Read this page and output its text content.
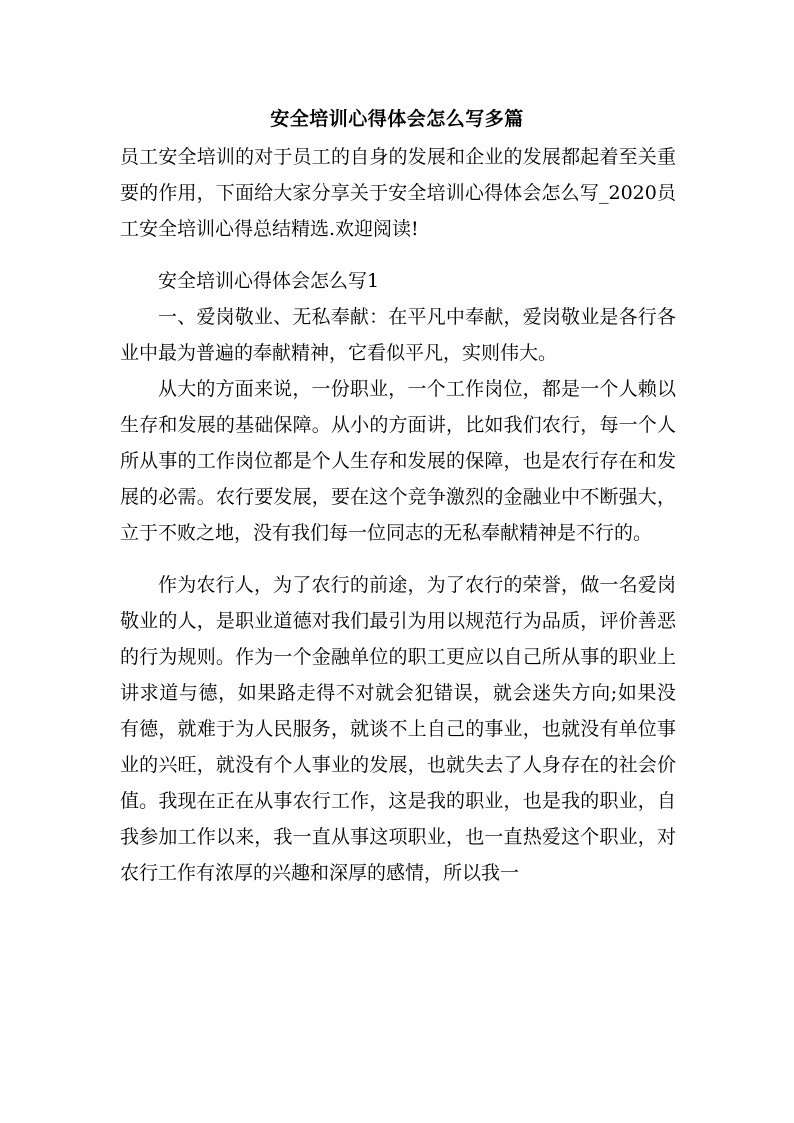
安全培训心得体会怎么写多篇

员工安全培训的对于员工的自身的发展和企业的发展都起着至关重要的作用，下面给大家分享关于安全培训心得体会怎么写_2020员工安全培训心得总结精选.欢迎阅读!

安全培训心得体会怎么写1

一、爱岗敬业、无私奉献：在平凡中奉献，爱岗敬业是各行各业中最为普遍的奉献精神，它看似平凡，实则伟大。

从大的方面来说，一份职业，一个工作岗位，都是一个人赖以生存和发展的基础保障。从小的方面讲，比如我们农行，每一个人所从事的工作岗位都是个人生存和发展的保障，也是农行存在和发展的必需。农行要发展，要在这个竞争激烈的金融业中不断强大，立于不败之地，没有我们每一位同志的无私奉献精神是不行的。

作为农行人，为了农行的前途，为了农行的荣誉，做一名爱岗敬业的人，是职业道德对我们最引为用以规范行为品质，评价善恶的行为规则。作为一个金融单位的职工更应以自己所从事的职业上讲求道与德，如果路走得不对就会犯错误，就会迷失方向;如果没有德，就难于为人民服务，就谈不上自己的事业，也就没有单位事业的兴旺，就没有个人事业的发展，也就失去了人身存在的社会价值。我现在正在从事农行工作，这是我的职业，也是我的职业，自我参加工作以来，我一直从事这项职业，也一直热爱这个职业，对农行工作有浓厚的兴趣和深厚的感情，所以我一
